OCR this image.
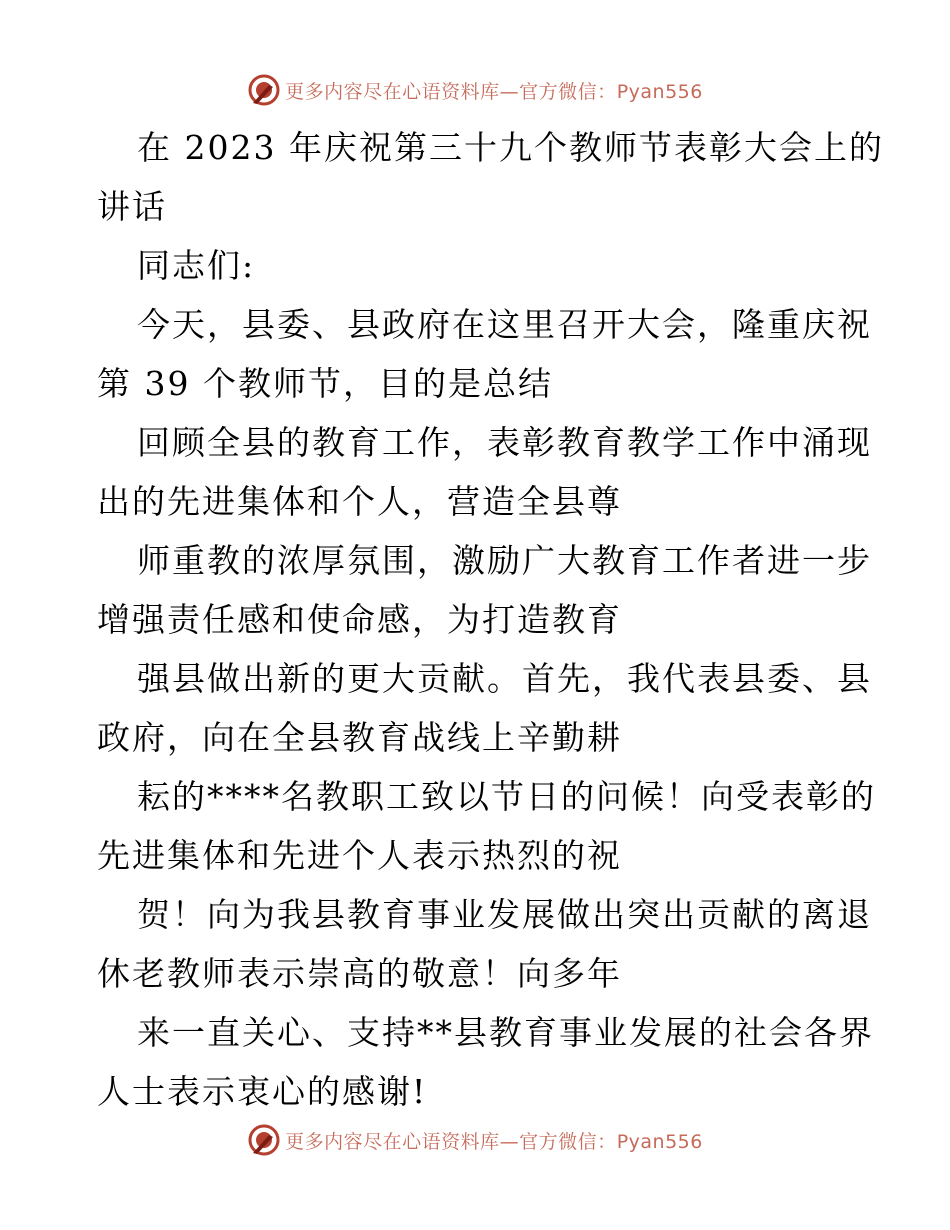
更多内容尽在心语资料库—官方微信：Pyan556
在 2023 年庆祝第三十九个教师节表彰大会上的
讲话
同志们:
今天，县委、县政府在这里召开大会，隆重庆祝
第 39 个教师节，目的是总结
回顾全县的教育工作，表彰教育教学工作中涌现
出的先进集体和个人，营造全县尊
师重教的浓厚氛围，激励广大教育工作者进一步
增强责任感和使命感，为打造教育
强县做出新的更大贡献。首先，我代表县委、县
政府，向在全县教育战线上辛勤耕
耘的****名教职工致以节日的问候！向受表彰的
先进集体和先进个人表示热烈的祝
贺！向为我县教育事业发展做出突出贡献的离退
休老教师表示崇高的敬意！向多年
来一直关心、支持**县教育事业发展的社会各界
人士表示衷心的感谢!
更多内容尽在心语资料库—官方微信：Pyan556
